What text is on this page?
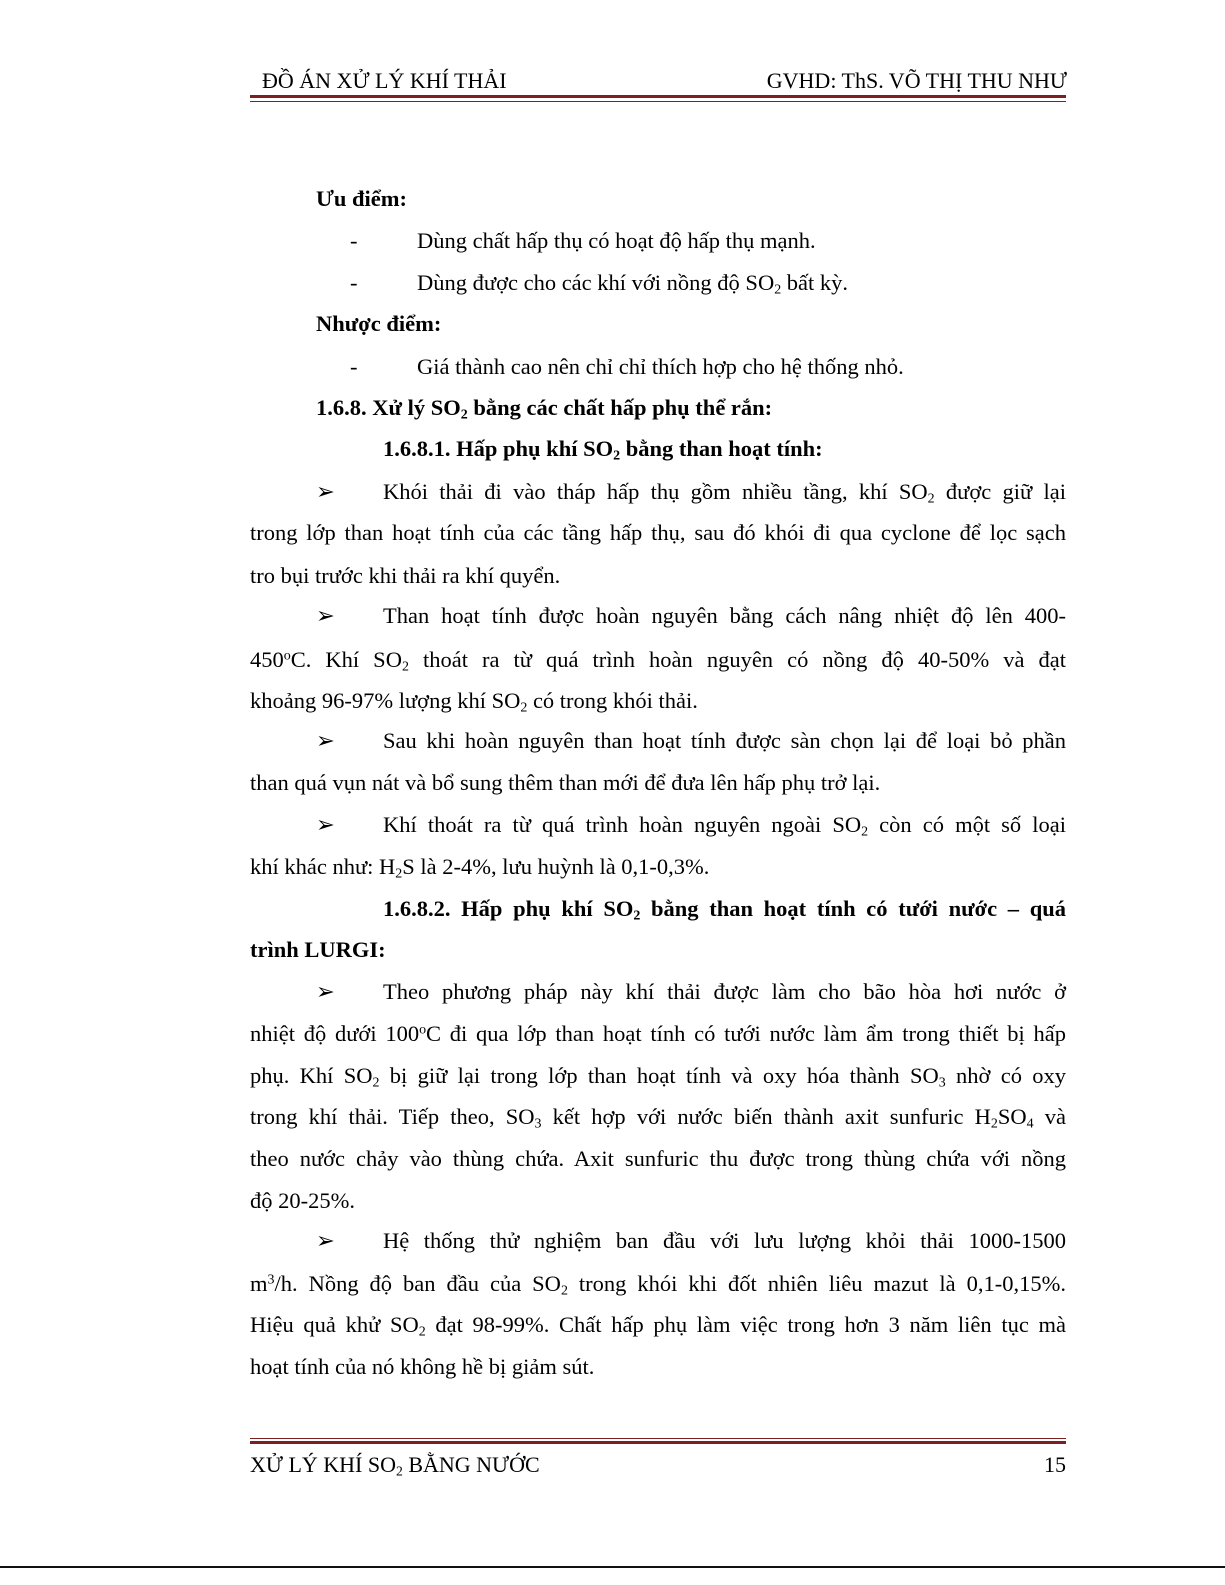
ĐỒ ÁN XỬ LÝ KHÍ THẢI	GVHD: ThS. VÕ THỊ THU NHƯ
Ưu điểm:
-	Dùng chất hấp thụ có hoạt độ hấp thụ mạnh.
-	Dùng được cho các khí với nồng độ $SO_2$ bất kỳ.
Nhược điểm:
-	Giá thành cao nên chỉ chỉ thích hợp cho hệ thống nhỏ.
1.6.8. Xử lý $SO_2$ bằng các chất hấp phụ thể rắn:
1.6.8.1. Hấp phụ khí $SO_2$ bằng than hoạt tính:
➢ Khói thải đi vào tháp hấp thụ gồm nhiều tầng, khí $SO_2$ được giữ lại
trong lớp than hoạt tính của các tầng hấp thụ, sau đó khói đi qua cyclone để lọc sạch
tro bụi trước khi thải ra khí quyển.
➢ Than hoạt tính được hoàn nguyên bằng cách nâng nhiệt độ lên 400-
450$^o$C. Khí $SO_2$ thoát ra từ quá trình hoàn nguyên có nồng độ 40-50% và đạt
khoảng 96-97% lượng khí $SO_2$ có trong khói thải.
➢ Sau khi hoàn nguyên than hoạt tính được sàn chọn lại để loại bỏ phần
than quá vụn nát và bổ sung thêm than mới để đưa lên hấp phụ trở lại.
➢ Khí thoát ra từ quá trình hoàn nguyên ngoài $SO_2$ còn có một số loại
khí khác như: $H_2S$ là 2-4%, lưu huỳnh là 0,1-0,3%.
1.6.8.2. Hấp phụ khí $SO_2$ bằng than hoạt tính có tưới nước – quá
trình LURGI:
➢ Theo phương pháp này khí thải được làm cho bão hòa hơi nước ở
nhiệt độ dưới 100$^o$C đi qua lớp than hoạt tính có tưới nước làm ẩm trong thiết bị hấp
phụ. Khí $SO_2$ bị giữ lại trong lớp than hoạt tính và oxy hóa thành $SO_3$ nhờ có oxy
trong khí thải. Tiếp theo, $SO_3$ kết hợp với nước biến thành axit sunfuric $H_2SO_4$ và
theo nước chảy vào thùng chứa. Axit sunfuric thu được trong thùng chứa với nồng
độ 20-25%.
➢ Hệ thống thử nghiệm ban đầu với lưu lượng khỏi thải 1000-1500
$m^3/h$. Nồng độ ban đầu của $SO_2$ trong khói khi đốt nhiên liêu mazut là 0,1-0,15%.
Hiệu quả khử $SO_2$ đạt 98-99%. Chất hấp phụ làm việc trong hơn 3 năm liên tục mà
hoạt tính của nó không hề bị giảm sút.
XỬ LÝ KHÍ $SO_2$ BẰNG NƯỚC	15
